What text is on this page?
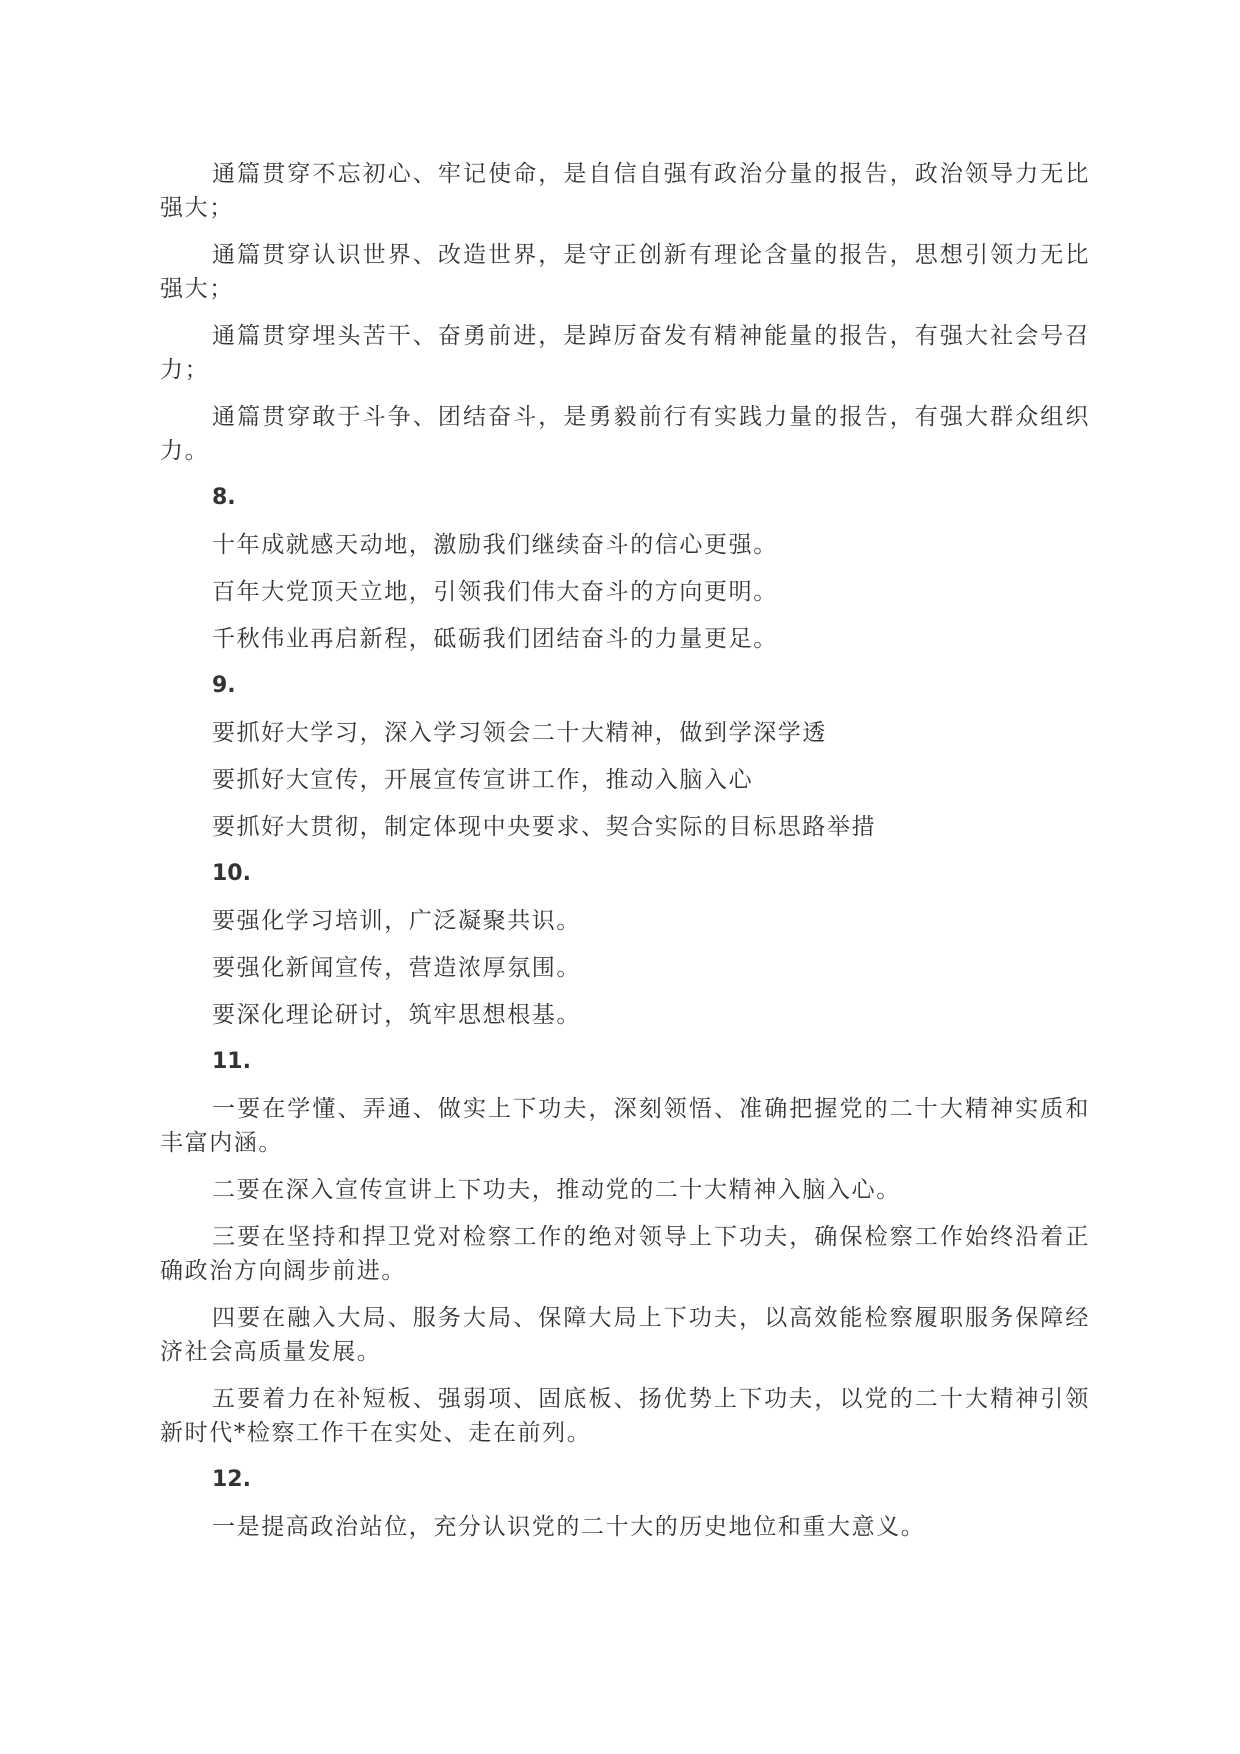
通篇贯穿不忘初心、牢记使命，是自信自强有政治分量的报告，政治领导力无比强大；

通篇贯穿认识世界、改造世界，是守正创新有理论含量的报告，思想引领力无比强大；

通篇贯穿埋头苦干、奋勇前进，是踔厉奋发有精神能量的报告，有强大社会号召力；

通篇贯穿敢于斗争、团结奋斗，是勇毅前行有实践力量的报告，有强大群众组织力。

8.

十年成就感天动地，激励我们继续奋斗的信心更强。

百年大党顶天立地，引领我们伟大奋斗的方向更明。

千秋伟业再启新程，砥砺我们团结奋斗的力量更足。

9.

要抓好大学习，深入学习领会二十大精神，做到学深学透

要抓好大宣传，开展宣传宣讲工作，推动入脑入心

要抓好大贯彻，制定体现中央要求、契合实际的目标思路举措

10.

要强化学习培训，广泛凝聚共识。

要强化新闻宣传，营造浓厚氛围。

要深化理论研讨，筑牢思想根基。

11.

一要在学懂、弄通、做实上下功夫，深刻领悟、准确把握党的二十大精神实质和丰富内涵。

二要在深入宣传宣讲上下功夫，推动党的二十大精神入脑入心。

三要在坚持和捍卫党对检察工作的绝对领导上下功夫，确保检察工作始终沿着正确政治方向阔步前进。

四要在融入大局、服务大局、保障大局上下功夫，以高效能检察履职服务保障经济社会高质量发展。

五要着力在补短板、强弱项、固底板、扬优势上下功夫，以党的二十大精神引领新时代*检察工作干在实处、走在前列。

12.

一是提高政治站位，充分认识党的二十大的历史地位和重大意义。
